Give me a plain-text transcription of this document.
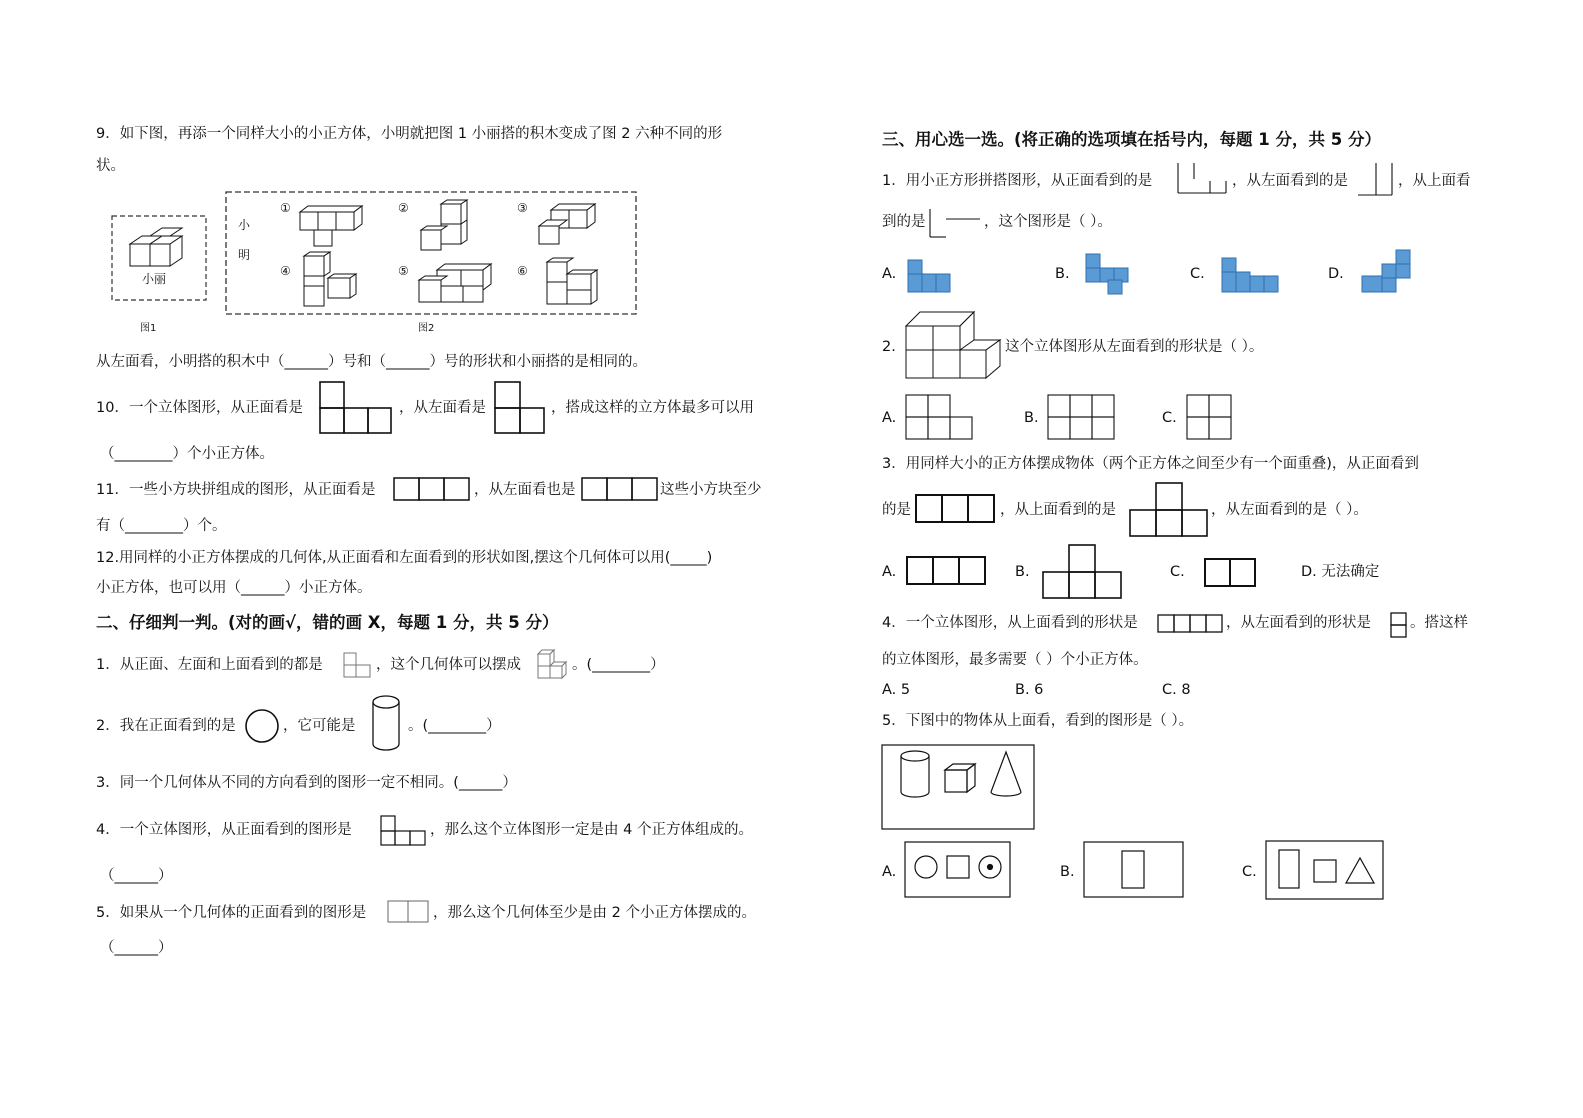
9．如下图，再添一个同样大小的小正方体，小明就把图 1 小丽搭的积木变成了图 2 六种不同的形
状。
小丽
图1
①	②	③
④	⑤	⑥
小
明
图2
从左面看，小明搭的积木中（______）号和（______）号的形状和小丽搭的是相同的。
10．一个立体图形，从正面看是	，从左面看是	，搭成这样的立方体最多可以用
（________）个小正方体。
11．一些小方块拼组成的图形，从正面看是	，从左面看也是	这些小方块至少
有（________）个。
12.用同样的小正方体摆成的几何体,从正面看和左面看到的形状如图,摆这个几何体可以用(_____)
小正方体，也可以用（______）小正方体。
二、仔细判一判。(对的画√，错的画 X，每题 1 分，共 5 分）
1．从正面、左面和上面看到的都是	，这个几何体可以摆成	。(________）
2．我在正面看到的是	，它可能是	。(________）
3．同一个几何体从不同的方向看到的图形一定不相同。(______）
4．一个立体图形，从正面看到的图形是	，那么这个立体图形一定是由 4 个正方体组成的。
（______）
5．如果从一个几何体的正面看到的图形是	，那么这个几何体至少是由 2 个小正方体摆成的。
（______）
三、用心选一选。(将正确的选项填在括号内，每题 1 分，共 5 分）
1．用小正方形拼搭图形，从正面看到的是	，从左面看到的是	，从上面看
到的是	，这个图形是（ ）。
A.	B.	C.	D.
2.	这个立体图形从左面看到的形状是（ ）。
A.	B.	C.
3．用同样大小的正方体摆成物体（两个正方体之间至少有一个面重叠)，从正面看到
的是	，从上面看到的是	，从左面看到的是（ ）。
A.	B.	C.	D. 无法确定
4．一个立体图形，从上面看到的形状是	，从左面看到的形状是	。搭这样
的立体图形，最多需要（ ）个小正方体。
A. 5	B. 6	C. 8
5．下图中的物体从上面看，看到的图形是（ ）。
A.	B.	C.
